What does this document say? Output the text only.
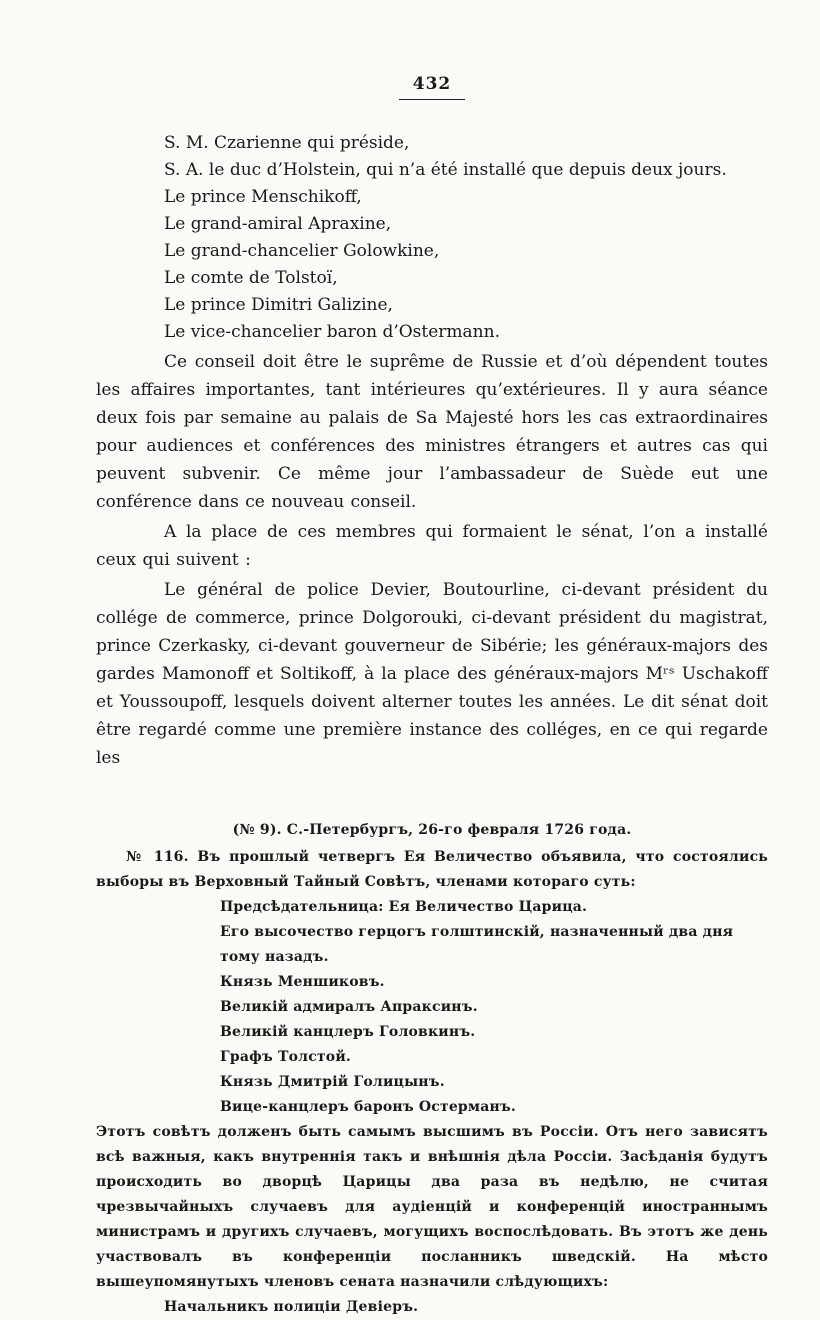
432

S. M. Czarienne qui préside,

S. A. le duc d’Holstein, qui n’a été installé que depuis deux jours.

Le prince Menschikoff,

Le grand-amiral Apraxine,

Le grand-chancelier Golowkine,

Le comte de Tolstoï,

Le prince Dimitri Galizine,

Le vice-chancelier baron d’Ostermann.

Ce conseil doit être le suprême de Russie et d’où dépendent toutes les affaires importantes, tant intérieures qu’extérieures. Il y aura séance deux fois par semaine au palais de Sa Majesté hors les cas extraordinaires pour audiences et conférences des ministres étrangers et autres cas qui peuvent subvenir. Ce même jour l’ambassadeur de Suède eut une conférence dans ce nouveau conseil.

A la place de ces membres qui formaient le sénat, l’on a installé ceux qui suivent :

Le général de police Devier, Boutourline, ci-devant président du collége de commerce, prince Dolgorouki, ci-devant président du magistrat, prince Czerkasky, ci-devant gouverneur de Sibérie; les généraux-majors des gardes Mamonoff et Soltikoff, à la place des généraux-majors Mʳˢ Uschakoff et Youssoupoff, lesquels doivent alterner toutes les années. Le dit sénat doit être regardé comme une première instance des colléges, en ce qui regarde les

(№ 9). С.-Петербургъ, 26-го февраля 1726 года.

№ 116. Въ прошлый четвергъ Ея Величество объявила, что состоялись выборы въ Верховный Тайный Совѣтъ, членами котораго суть:

Предсѣдательница: Ея Величество Царица.

Его высочество герцогъ голштинскій, назначенный два дня тому назадъ.

Князь Меншиковъ.

Великій адмиралъ Апраксинъ.

Великій канцлеръ Головкинъ.

Графъ Толстой.

Князь Дмитрій Голицынъ.

Вице-канцлеръ баронъ Остерманъ.

Этотъ совѣтъ долженъ быть самымъ высшимъ въ Россіи. Отъ него зависятъ всѣ важныя, какъ внутреннія такъ и внѣшнія дѣла Россіи. Засѣданія будутъ происходить во дворцѣ Царицы два раза въ недѣлю, не считая чрезвычайныхъ случаевъ для аудіенцій и конференцій иностраннымъ министрамъ и другихъ случаевъ, могущихъ воспослѣдовать. Въ этотъ же день участвовалъ въ конференціи посланникъ шведскій. На мѣсто вышеупомянутыхъ членовъ сената назначили слѣдующихъ:

Начальникъ полиціи Девіеръ.
